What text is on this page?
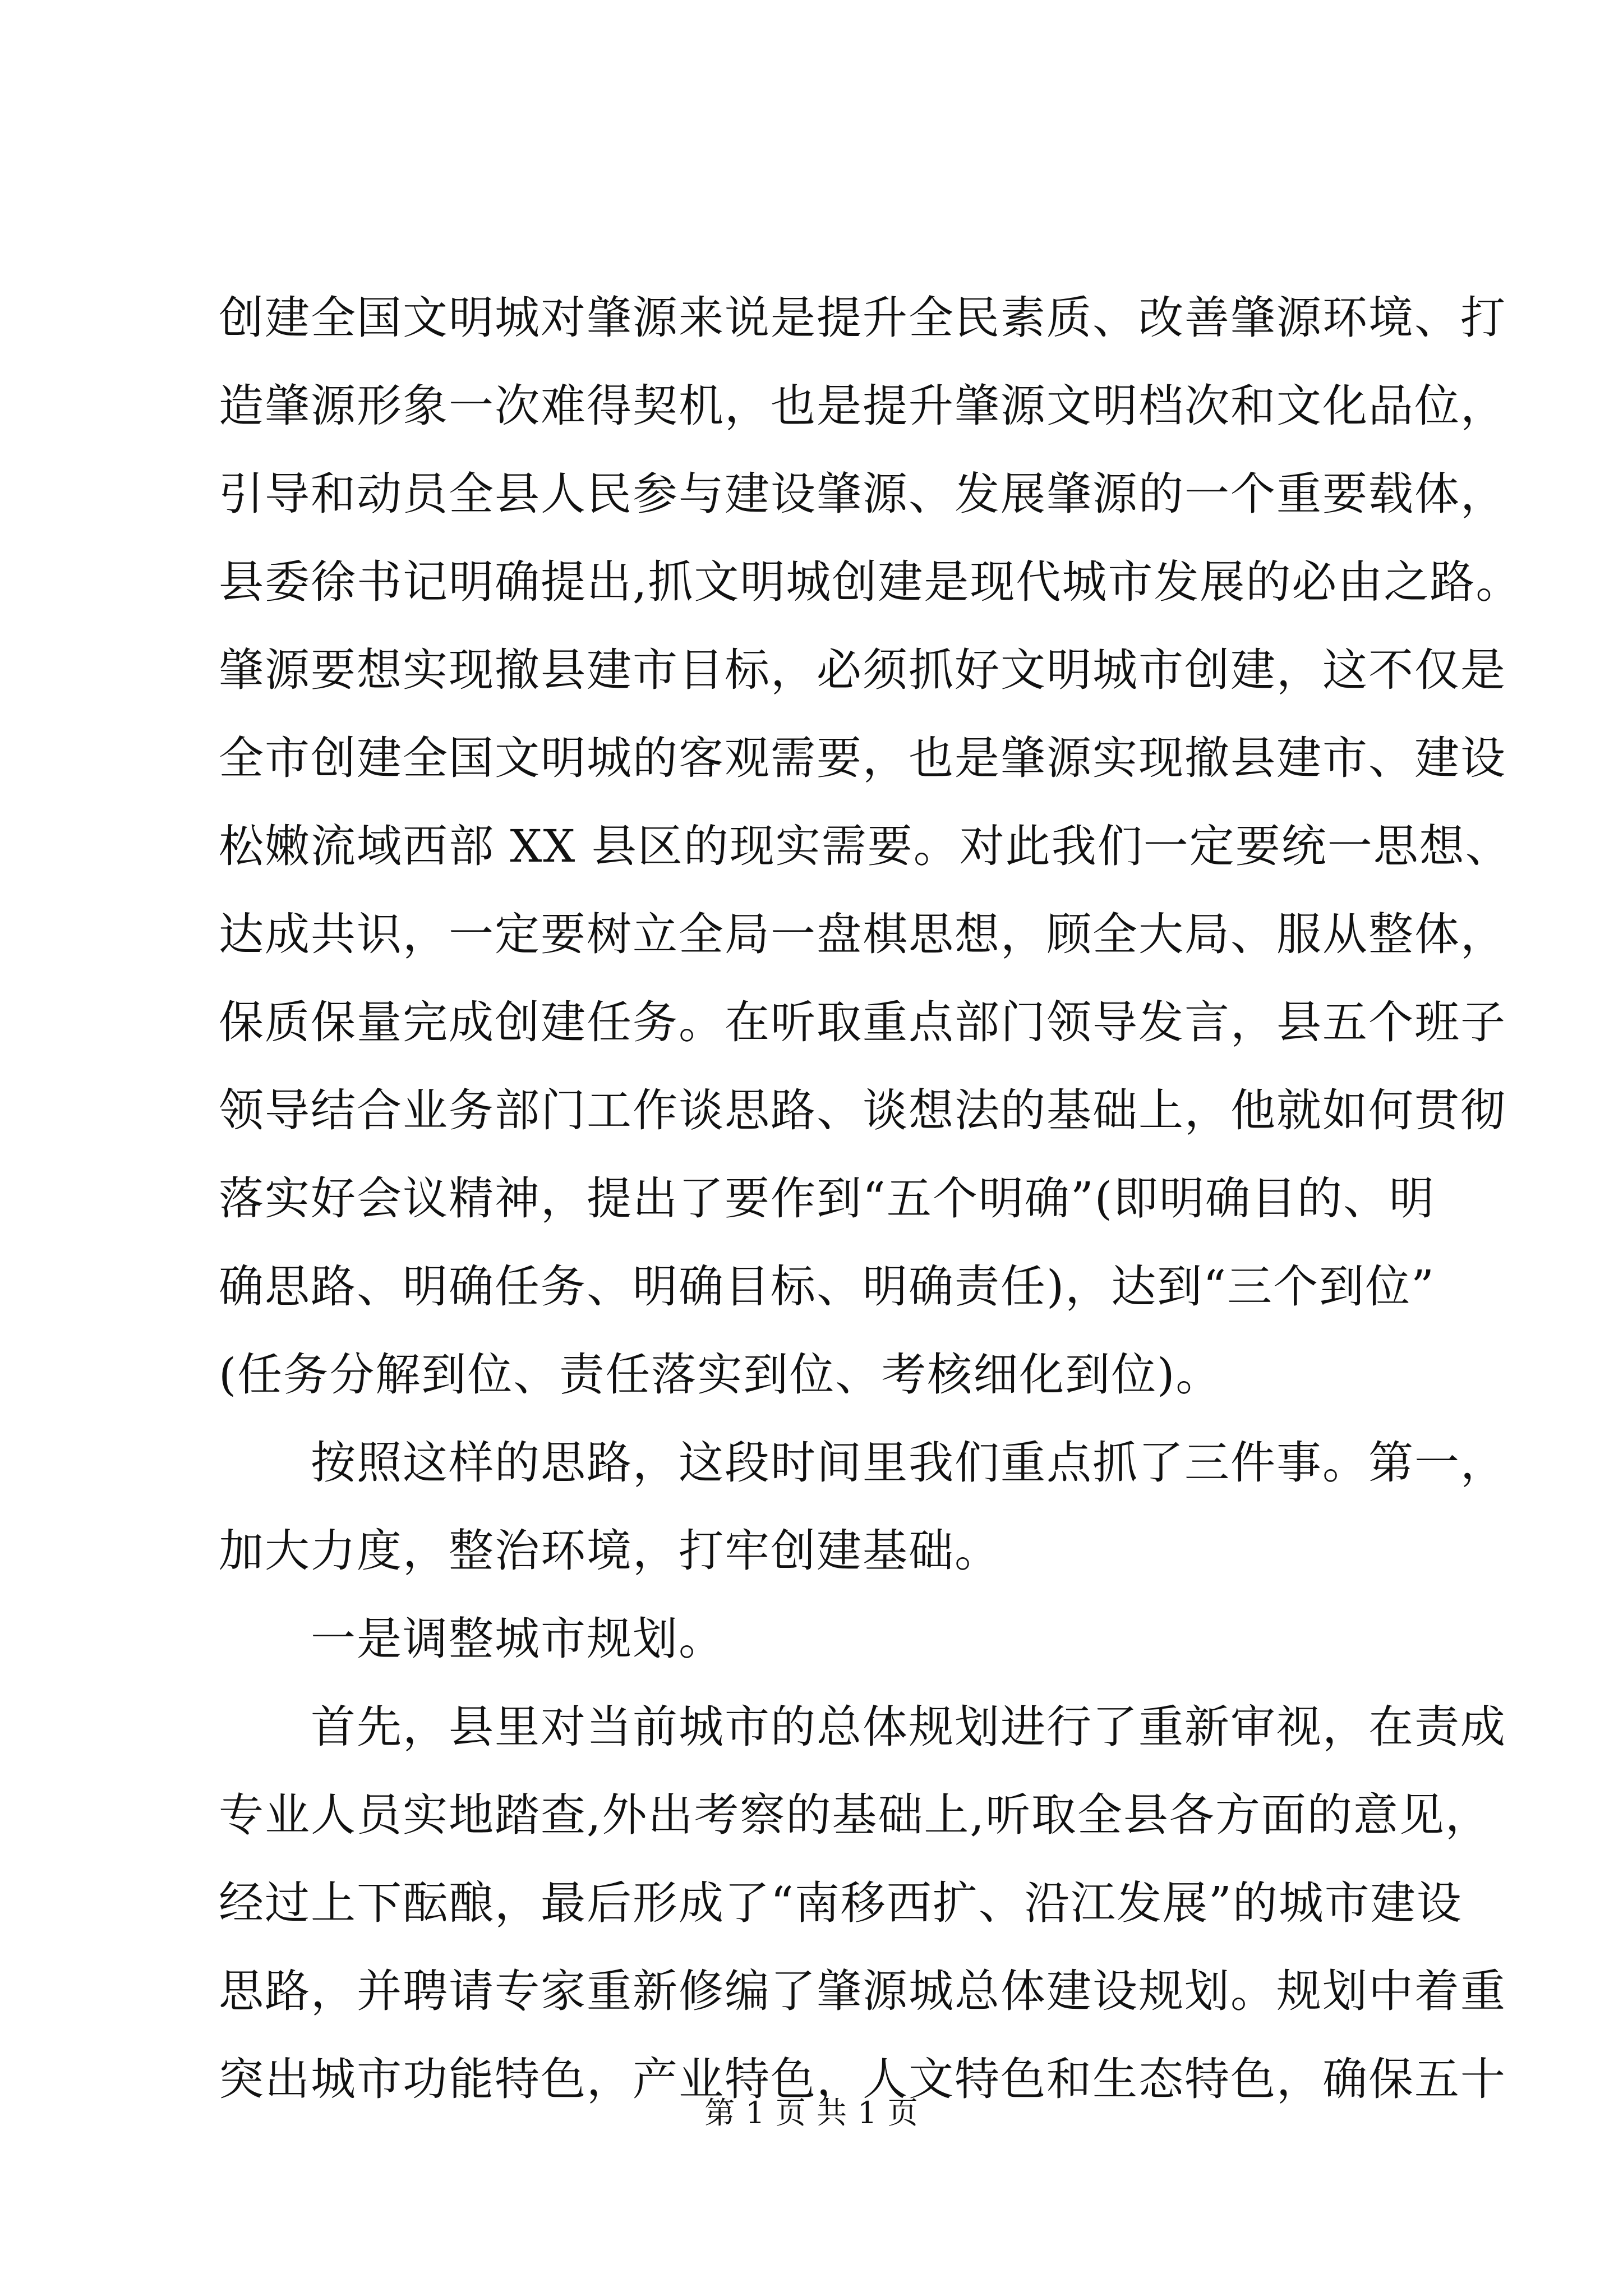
创建全国文明城对肇源来说是提升全民素质、改善肇源环境、打
造肇源形象一次难得契机，也是提升肇源文明档次和文化品位，
引导和动员全县人民参与建设肇源、发展肇源的一个重要载体，
县委徐书记明确提出,抓文明城创建是现代城市发展的必由之路。
肇源要想实现撤县建市目标，必须抓好文明城市创建，这不仅是
全市创建全国文明城的客观需要，也是肇源实现撤县建市、建设
松嫩流域西部 XX 县区的现实需要。对此我们一定要统一思想、
达成共识，一定要树立全局一盘棋思想，顾全大局、服从整体，
保质保量完成创建任务。在听取重点部门领导发言，县五个班子
领导结合业务部门工作谈思路、谈想法的基础上，他就如何贯彻
落实好会议精神，提出了要作到“五个明确”(即明确目的、明
确思路、明确任务、明确目标、明确责任)，达到“三个到位”
(任务分解到位、责任落实到位、考核细化到位)。
按照这样的思路，这段时间里我们重点抓了三件事。第一，
加大力度，整治环境，打牢创建基础。
一是调整城市规划。
首先，县里对当前城市的总体规划进行了重新审视，在责成
专业人员实地踏查,外出考察的基础上,听取全县各方面的意见，
经过上下酝酿，最后形成了“南移西扩、沿江发展”的城市建设
思路，并聘请专家重新修编了肇源城总体建设规划。规划中着重
突出城市功能特色，产业特色，人文特色和生态特色，确保五十
第 1 页 共 1 页
